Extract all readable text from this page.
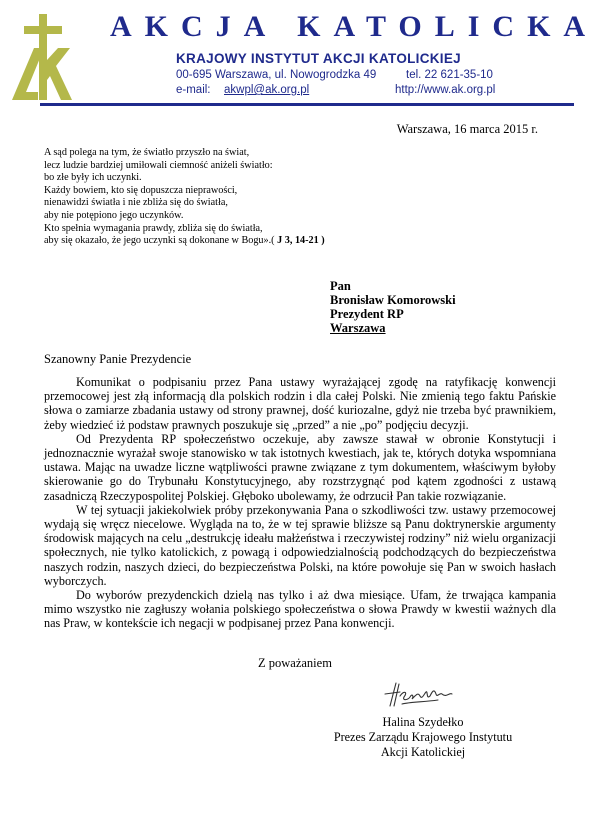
AKCJA KATOLICKA
KRAJOWY INSTYTUT AKCJI KATOLICKIEJ
00-695 Warszawa, ul. Nowogrodzka 49	tel. 22 621-35-10
e-mail: akwpl@ak.org.pl	http://www.ak.org.pl
Warszawa, 16 marca 2015 r.
A sąd polega na tym, że światło przyszło na świat,
lecz ludzie bardziej umiłowali ciemność aniżeli światło:
bo złe były ich uczynki.
Każdy bowiem, kto się dopuszcza nieprawości,
nienawidzi światła i nie zbliża się do światła,
aby nie potępiono jego uczynków.
Kto spełnia wymagania prawdy, zbliża się do światła,
aby się okazało, że jego uczynki są dokonane w Bogu».( J 3, 14-21 )
Pan
Bronisław Komorowski
Prezydent RP
Warszawa
Szanowny Panie Prezydencie

Komunikat o podpisaniu przez Pana ustawy wyrażającej zgodę na ratyfikację konwencji przemocowej jest złą informacją dla polskich rodzin i dla całej Polski. Nie zmienią tego faktu Pańskie słowa o zamiarze zbadania ustawy od strony prawnej, dość kuriozalne, gdyż nie trzeba być prawnikiem, żeby wiedzieć iż podstaw prawnych poszukuje się „przed” a nie „po” podjęciu decyzji.

Od Prezydenta RP społeczeństwo oczekuje, aby zawsze stawał w obronie Konstytucji i jednoznacznie wyrażał swoje stanowisko w tak istotnych kwestiach, jak te, których dotyka wspomniana ustawa. Mając na uwadze liczne wątpliwości prawne związane z tym dokumentem, właściwym byłoby skierowanie go do Trybunału Konstytucyjnego, aby rozstrzygnąć pod kątem zgodności z ustawą zasadniczą Rzeczypospolitej Polskiej. Głęboko ubolewamy, że odrzucił Pan takie rozwiązanie.

W tej sytuacji jakiekolwiek próby przekonywania Pana o szkodliwości tzw. ustawy przemocowej wydają się wręcz niecelowe. Wygląda na to, że w tej sprawie bliższe są Panu doktrynerskie argumenty środowisk mających na celu „destrukcję ideału małżeństwa i rzeczywistej rodziny” niż wielu organizacji społecznych, nie tylko katolickich, z powagą i odpowiedzialnością podchodzących do bezpieczeństwa naszych rodzin, naszych dzieci, do bezpieczeństwa Polski, na które powołuje się Pan w swoich hasłach wyborczych.

Do wyborów prezydenckich dzielą nas tylko i aż dwa miesiące. Ufam, że trwająca kampania mimo wszystko nie zagłuszy wołania polskiego społeczeństwa o słowa Prawdy w kwestii ważnych dla nas Praw, w kontekście ich negacji w podpisanej przez Pana konwencji.

Z poważaniem
Halina Szydełko
Prezes Zarządu Krajowego Instytutu
Akcji Katolickiej
